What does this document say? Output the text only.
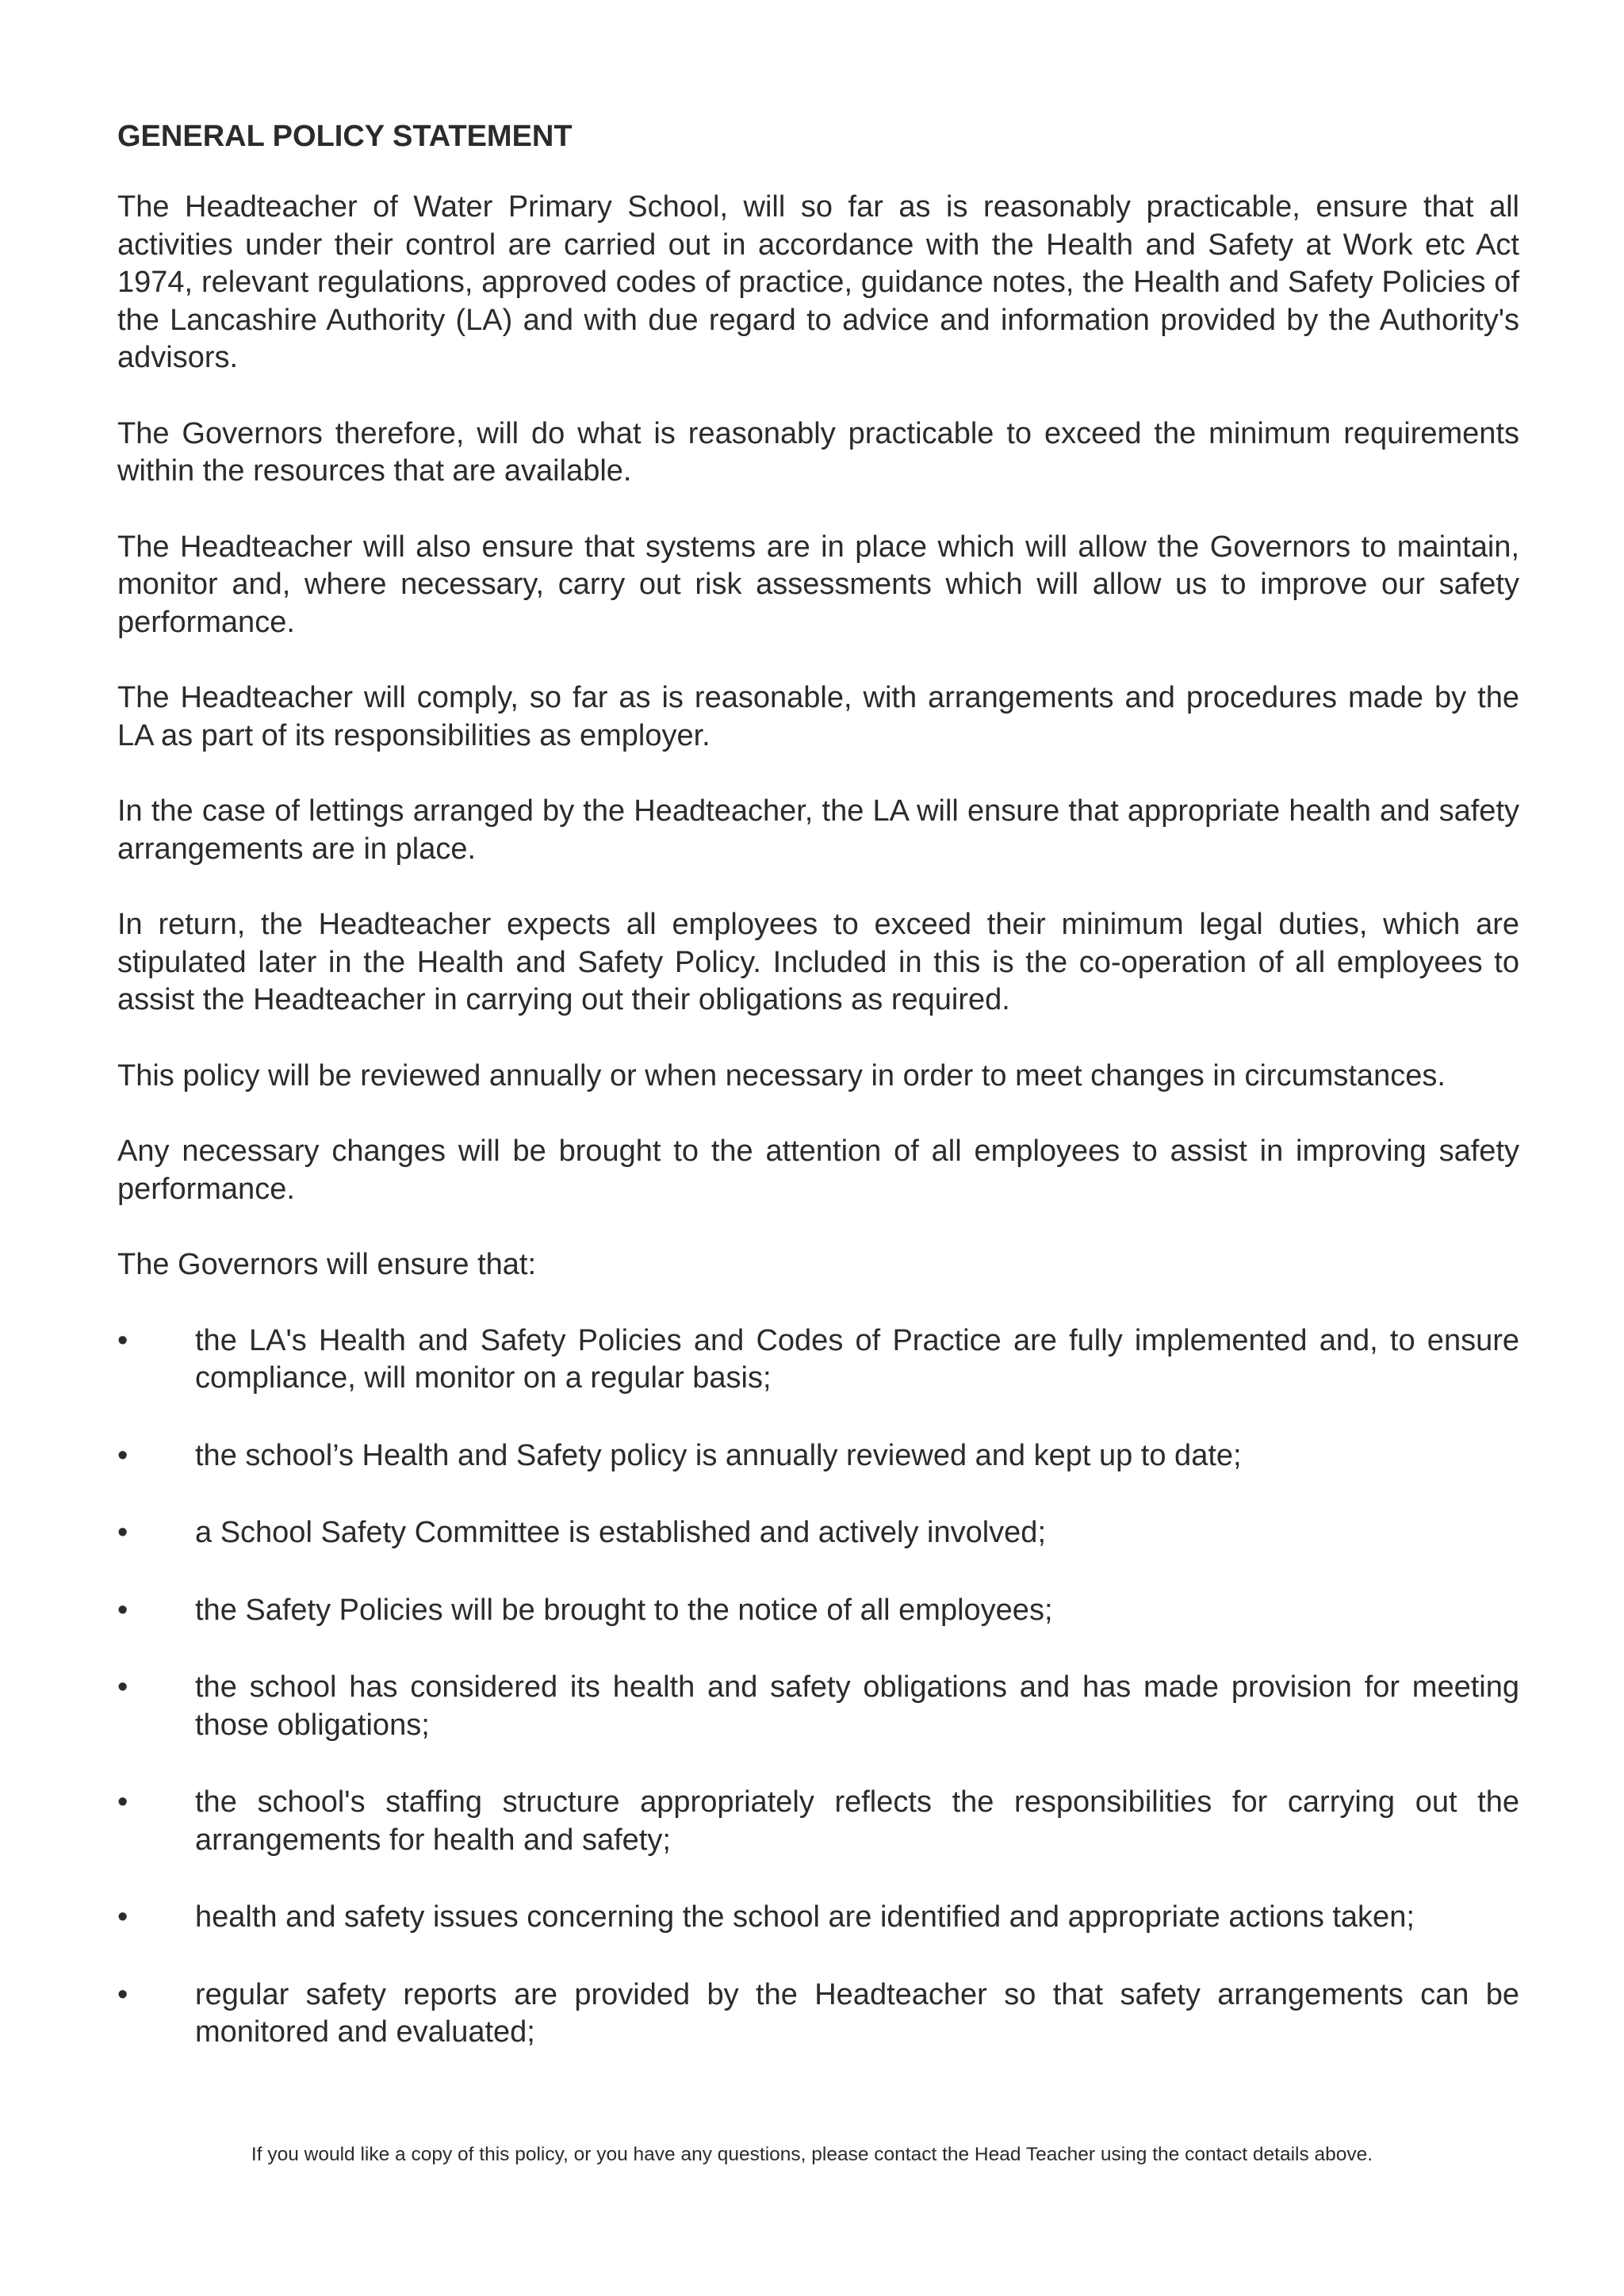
GENERAL POLICY STATEMENT

The Headteacher of Water Primary School, will so far as is reasonably practicable, ensure that all activities under their control are carried out in accordance with the Health and Safety at Work etc Act 1974, relevant regulations, approved codes of practice, guidance notes, the Health and Safety Policies of the Lancashire Authority (LA) and with due regard to advice and information provided by the Authority's advisors.

The Governors therefore, will do what is reasonably practicable to exceed the minimum requirements within the resources that are available.

The Headteacher will also ensure that systems are in place which will allow the Governors to maintain, monitor and, where necessary, carry out risk assessments which will allow us to improve our safety performance.

The Headteacher will comply, so far as is reasonable, with arrangements and procedures made by the LA as part of its responsibilities as employer.

In the case of lettings arranged by the Headteacher, the LA will ensure that appropriate health and safety arrangements are in place.

In return, the Headteacher expects all employees to exceed their minimum legal duties, which are stipulated later in the Health and Safety Policy. Included in this is the co-operation of all employees to assist the Headteacher in carrying out their obligations as required.

This policy will be reviewed annually or when necessary in order to meet changes in circumstances.

Any necessary changes will be brought to the attention of all employees to assist in improving safety performance.

The Governors will ensure that:

•	the LA's Health and Safety Policies and Codes of Practice are fully implemented and, to ensure compliance, will monitor on a regular basis;
•	the school’s Health and Safety policy is annually reviewed and kept up to date;
•	a School Safety Committee is established and actively involved;
•	the Safety Policies will be brought to the notice of all employees;
•	the school has considered its health and safety obligations and has made provision for meeting those obligations;
•	the school's staffing structure appropriately reflects the responsibilities for carrying out the arrangements for health and safety;
•	health and safety issues concerning the school are identified and appropriate actions taken;
•	regular safety reports are provided by the Headteacher so that safety arrangements can be monitored and evaluated;
If you would like a copy of this policy, or you have any questions, please contact the Head Teacher using the contact details above.
